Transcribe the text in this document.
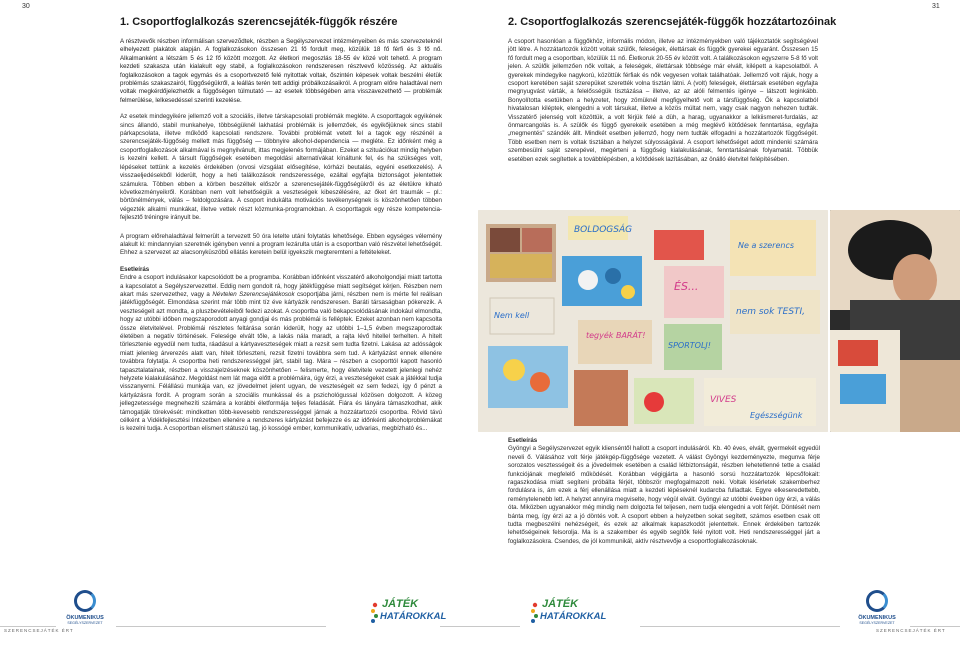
30
1. Csoportfoglalkozás szerencsejáték-függők részére

A résztvevők részben informálisan szervezõdtek, részben a Segélyszervezet intézményeiben és más szervezeteknél elhelyezett plakátok alapján. A foglalkozásokon összesen 21 fő fordult meg, közülük 18 fő férfi és 3 fő nő. Alkalmanként a létszám 5 és 12 fő között mozgott. Az életkori megoszlás 18-55 év közé volt tehető. A program kezdeti szakasza után kialakult egy stabil, a foglalkozásokon rendszeresen résztvevő közösség. Az aktuális foglalkozásokon a tagok egymás és a csoportvezető felé nyitottak voltak, őszintén képesek voltak beszélni életük problémás szakaszairól, függőségükről, a leállás terén tett addigi próbálkozásaikról. A program előre haladtával nem voltak megkérdőjelezhetők a függőségen túlmutató — az esetek többségében arra visszavezethető — problémák felmerülése, lelkesedéssel szerinti kezelése.

Az esetek mindegyikére jellemző volt a szociális, illetve társkapcsolati problémák megléte. A csoporttagok egyikének sincs állandó, stabil munkahelye, többségüknél lakhatási problémák is jellemzőek, és egyikőjüknek sincs stabil párkapcsolata, illetve működő kapcsolati rendszere. További problémát vetett fel a tagok egy részénél a szerencsejáték-függőség mellett más függőség — többnyire alkohol-dependencia — megléte. Ez időnként még a csoportfoglalkozások alkalmával is megnyilvánult, ittas megjelenés formájában. Ezeket a szituációkat mindig helyben is kezelni kellett. A társult függőségek esetében megoldási alternatívákat kínáltunk fel, és ha szükséges volt, lépéseket tettünk a kezelés érdekében (orvosi vizsgálat elősegítése, kórházi beutalás, egyéni esetkezelés). A visszaeljedésekből kiderült, hogy a heti találkozások rendszeressége, ezáltal egyfajta biztonságot jelentettek számukra. Többen ebben a körben beszéltek először a szerencsejáték-függőségükről és az életükre kiható következményeikről. Korábban nem volt lehetőségük a veszteségek kibeszélésére, az őket ért traumák – pl.: börtönélmények, válás – feldolgozására. A csoport indukálta motivációs tevékenységnek is köszönhetően többen végezték alkalmi munkákat, illetve vettek részt közmunka-programokban. A csoporttagok egy része kompetencia-fejlesztő tréningre irányult be.

A program előrehaladtával felmerült a tervezett 50 óra letelte utáni folytatás lehetősége. Ebben egységes vélemény alakult ki: mindannyian szeretnék igényben venni a program lezárulta után is a csoportban való részvétel lehetőségét. Ehhez a szervezet az alacsonyküszöbű ellátás keretein belül igyekszik megteremteni a feltételeket.

Esetleírás

Endre a csoport indulásakor kapcsolódott be a programba. Korábban időnként visszatérő alkoholgondjai miatt tartotta a kapcsolatot a Segélyszervezettel. Eddig nem gondolt rá, hogy játékfüggése miatt segítséget kérjen. Részben nem akart más szervezethez, vagy a Névtelen Szerencsejátékosok csoportjába járni, részben nem is mérte fel reálisan játékfüggőségét. Elmondása szerint már több mint tíz éve kártyázik rendszeresen. Baráti társaságban pókerezik. A veszteségeit azt mondta, a pluszbevételeiből fedezi azokat. A csoportba való bekapcsolódásának indokául elmondta, hogy az utóbbi időben megszaporodott anyagi gondjai és más problémái is felléptek. Ezeket azonban nem kapcsolta össze életvitelével. Problémái részletes feltárása során kiderült, hogy az utóbbi 1–1,5 évben megszaporodtak életében a negatív történések. Felesége elvált tőle, a lakás nála maradt, a rajta lévő hitellel terhelten. A hitelt törlesztenie egyedül nem tudta, ráadásul a kártyaveszteségek miatt a rezsit sem tudta fizetni. Lakása az adósságok miatt jelenleg árverezés alatt van, hiteit törleszteni, rezsit fizetni továbbra sem tud. A kártyázást ennek ellenére továbbra folytatja. A csoportba heti rendszerességgel járt, stabil tag. Mára – részben a csoporttól kapott hasonló tapasztalatainak, részben a visszajelzéseknek köszönhetően – felismerte, hogy életvitele vezetett jelenlegi nehéz helyzete kialakulásához. Megoldást nem lát maga előtt a problémáira, úgy érzi, a veszteségeket csak a játékkal tudja visszanyerni. Félállású munkája van, ez jövedelmet jelent ugyan, de veszteségeit ez sem fedezi, így ő pénzt a kártyázásra fordít. A program során a szociális munkással és a pszichológussal közösen dolgozott. A közeg jellegzetessége megnehezíti számára a korábbi életformája teljes feladását. Fiára és lányára támaszkodhat, akik támogatják törekvését: mindketten több-kevesebb rendszerességgel járnak a hozzátartozói csoportba. Rövid távú célként a Vidékfejlesztési Intézetben ellenére a rendszeres kártyázást befejezze és az időnkénti alkoholproblémákat is kezelni tudja. A csoportban elismert státuszú tag, jó kossógé ember, kommunikatív, udvarias, megbízható és...

ÖKUMENIKUS
SEGÉLYSZERVEZET
SZERENCSEJÁTÉK ÉRT
JÁTÉK
HATÁROKKAL
31
2. Csoportfoglalkozás szerencsejáték-függők hozzátartozóinak

A csoport hasonlóan a függőkhöz, informális módon, illetve az intézményekben való tájékoztatók segítségével jött létre. A hozzátartozók között voltak szülők, feleségek, élettársak és függők gyerekei egyaránt. Összesen 15 fő fordult meg a csoportban, közülük 11 nő. Életkoruk 20-55 év között volt. A találkozásokon egyszerre 5-8 fő volt jelen. A szülők jellemzően nők voltak, a feleségek, élettársak többsége már elvált, kilépett a kapcsolatból. A gyerekek mindegyike nagykorú, közöttük férfiak és nők vegyesen voltak találhatóak. Jellemző volt rájuk, hogy a csoport keretében saját szerepüket szerették volna tisztán látni. A (volt) feleségek, élettársak esetében egyfajta megnyugvást várták, a felelősségük tisztázása – illetve, az az alóli felmentés igénye – látszott leginkább. Bonyolította esetükben a helyzetet, hogy zömüknél megfigyelhető volt a társfüggőség. Ők a kapcsolatból hivatalosan kiléptek, elengedni a volt társukat, illetve a közös múltat nem, vagy csak nagyon nehezen tudták. Visszatérő jelenség volt közöttük, a volt férjük felé a düh, a harag, ugyanakkor a lelkiismeret-furdalás, az önmarcangolás is. A szülők és függő gyerekeik esetében a még meglévő kötődések fenntartása, egyfajta „megmentés” szándék állt. Mindkét esetben jellemző, hogy nem tudták elfogadni a hozzátartozók függőségét. Több esetben nem is voltak tisztában a helyzet súlyosságával. A csoport lehetőséget adott mindenki számára szembesülni saját szerepével, megérteni a függőség kialakulásának, fenntartásának folyamatát. Többük esetében ezek segítettek a továbblépésben, a kötődések lazításában, az önálló életvitel felépítésében.

Esetleírás

Gyöngyi a Segélyszervezet egyik klienséntől hallott a csoport indulásáról. Kb. 40 éves, elvált, gyermekét egyedül neveli ő. Válásához volt férje játékgép-függősége vezetett. A válást Gyöngyi kezdeményezte, megunva férje sorozatos vesztességeit és a jövedelmek esetében a család létbiztonságát, részben lehetetlenné tette a család funkciójának megfelelő működését. Korábban végigjárta a hasonló sorsú hozzátartozók lépcsőfokait: ragaszkodása miatt segíteni próbálta férjét, többször megfogalmazott neki. Voltak kisérletek szakemberhez fordulásra is, ám ezek a férj ellenállása miatt a kezdeti lépéseknél kudarcba fulladtak. Egyre elkeseredettebb, reménytelenebb lett. A helyzet annyira megviselte, hogy végül elvált. Gyöngyi az utóbbi években úgy érzi, a válás óta. Miközben ugyanakkor még mindig nem dolgozta fel teljesen, nem tudja elengedni a volt férjét. Döntését nem bánta meg, így érzi az a jó döntés volt. A csoport ebben a helyzetben sokat segített, számos esetben csak ott tudta megbeszélni nehézségeit, és ezek az alkalmak kapaszkodót jelentettek. Ennek érdekében tartozék lehetőségeinek felsorolja. Ma is a szakember és egyéb segítők felé nyitott volt. Heti rendszerességgel járt a foglalkozásokra. Csendes, de jól kommunikál, aktív résztvevője a csoportfoglalkozásoknak.

JÁTÉK
HATÁROKKAL	ÖKUMENIKUS
SEGÉLYSZERVEZET
SZERENCSEJÁTÉK ÉRT
BOLDOGSÁG
ÉS...
Ne a szerencs
Nem kell
tegyék BARÁT!
SPORTOLJ!
nem sok TESTI,
VIVES
Egészségünk
